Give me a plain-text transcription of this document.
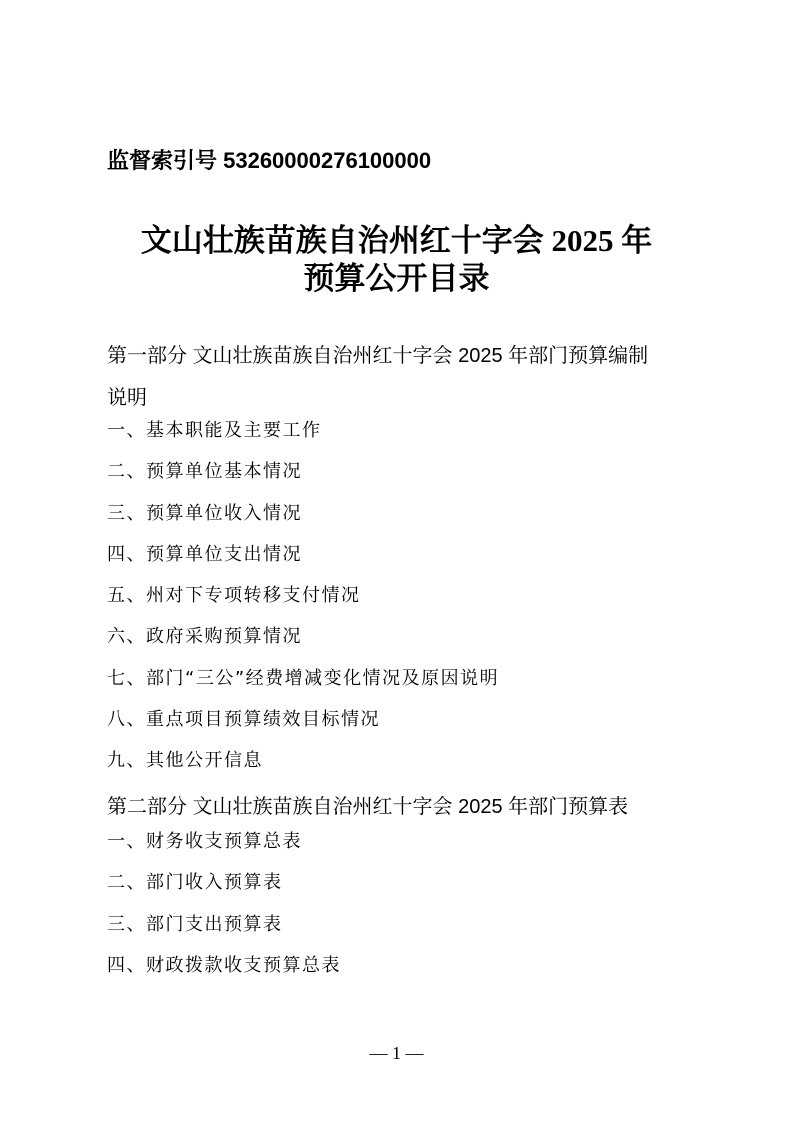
监督索引号 53260000276100000
文山壮族苗族自治州红十字会 2025 年
预算公开目录
第一部分 文山壮族苗族自治州红十字会 2025 年部门预算编制
说明
一、基本职能及主要工作
二、预算单位基本情况
三、预算单位收入情况
四、预算单位支出情况
五、州对下专项转移支付情况
六、政府采购预算情况
七、部门“三公”经费增减变化情况及原因说明
八、重点项目预算绩效目标情况
九、其他公开信息
第二部分 文山壮族苗族自治州红十字会 2025 年部门预算表
一、财务收支预算总表
二、部门收入预算表
三、部门支出预算表
四、财政拨款收支预算总表
— 1 —
